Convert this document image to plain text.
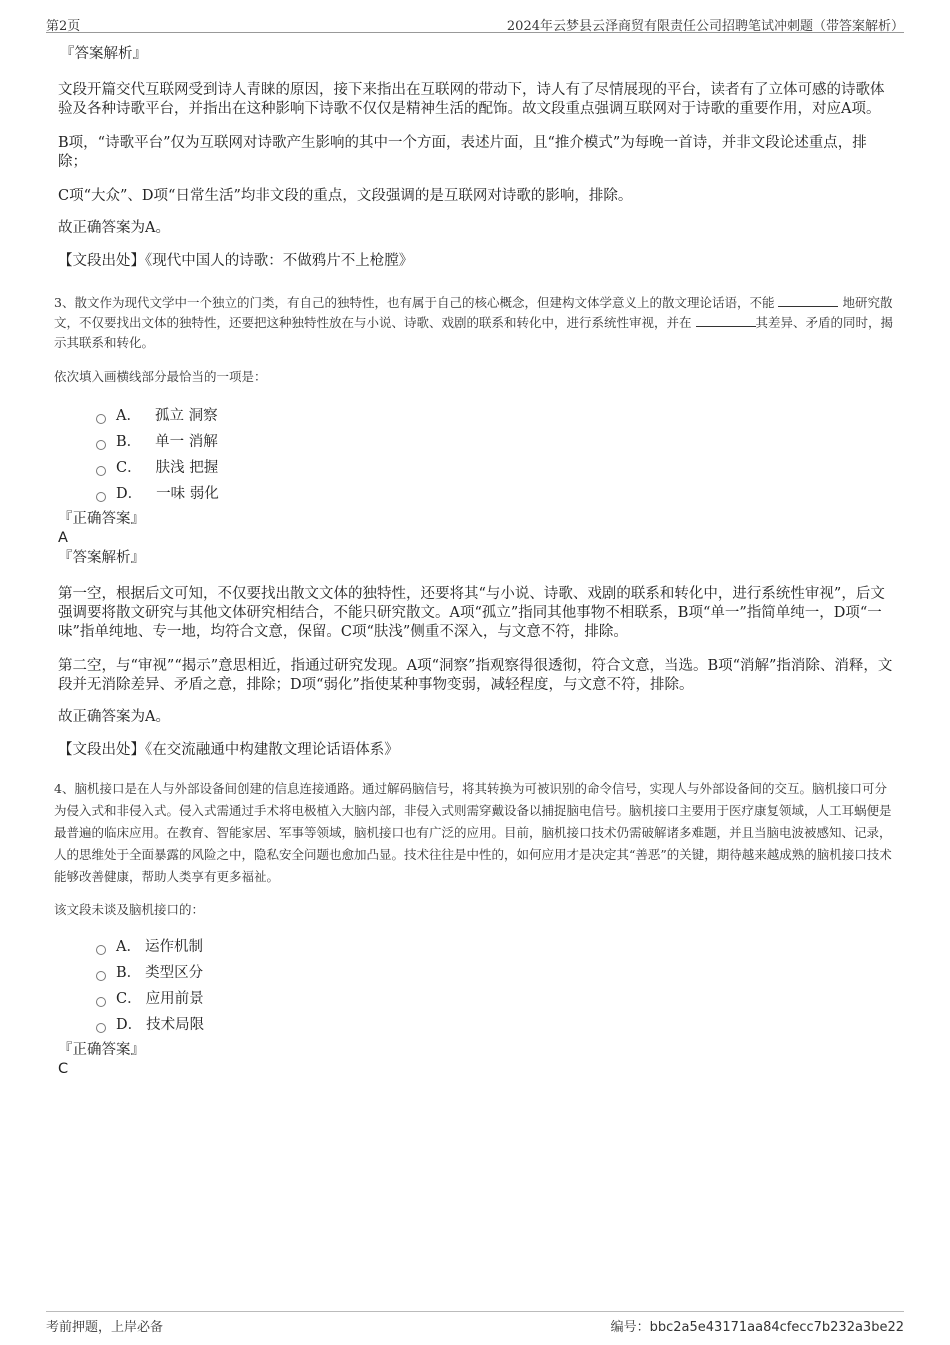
第2页	2024年云梦县云泽商贸有限责任公司招聘笔试冲刺题（带答案解析）
『答案解析』
文段开篇交代互联网受到诗人青睐的原因，接下来指出在互联网的带动下，诗人有了尽情展现的平台，读者有了立体可感的诗歌体验及各种诗歌平台，并指出在这种影响下诗歌不仅仅是精神生活的配饰。故文段重点强调互联网对于诗歌的重要作用，对应A项。
B项，“诗歌平台”仅为互联网对诗歌产生影响的其中一个方面，表述片面，且“推介模式”为每晚一首诗，并非文段论述重点，排除；
C项“大众”、D项“日常生活”均非文段的重点，文段强调的是互联网对诗歌的影响，排除。
故正确答案为A。
【文段出处】《现代中国人的诗歌：不做鸦片不上枪膛》
3、散文作为现代文学中一个独立的门类，有自己的独特性，也有属于自己的核心概念，但建构文体学意义上的散文理论话语，不能	地研究散文，不仅要找出文体的独特性，还要把这种独特性放在与小说、诗歌、戏剧的联系和转化中，进行系统性审视，并在	其差异、矛盾的同时，揭示其联系和转化。
依次填入画横线部分最恰当的一项是：
A． 孤立 洞察
B． 单一 消解
C． 肤浅 把握
D． 一味 弱化
『正确答案』
A
『答案解析』
第一空，根据后文可知，不仅要找出散文文体的独特性，还要将其“与小说、诗歌、戏剧的联系和转化中，进行系统性审视”，后文强调要将散文研究与其他文体研究相结合，不能只研究散文。A项“孤立”指同其他事物不相联系，B项“单一”指简单纯一，D项“一味”指单纯地、专一地，均符合文意，保留。C项“肤浅”侧重不深入，与文意不符，排除。
第二空，与“审视”“揭示”意思相近，指通过研究发现。A项“洞察”指观察得很透彻，符合文意，当选。B项“消解”指消除、消释，文段并无消除差异、矛盾之意，排除；D项“弱化”指使某种事物变弱，减轻程度，与文意不符，排除。
故正确答案为A。
【文段出处】《在交流融通中构建散文理论话语体系》
4、脑机接口是在人与外部设备间创建的信息连接通路。通过解码脑信号，将其转换为可被识别的命令信号，实现人与外部设备间的交互。脑机接口可分为侵入式和非侵入式。侵入式需通过手术将电极植入大脑内部，非侵入式则需穿戴设备以捕捉脑电信号。脑机接口主要用于医疗康复领域，人工耳蜗便是最普遍的临床应用。在教育、智能家居、军事等领域，脑机接口也有广泛的应用。目前，脑机接口技术仍需破解诸多难题，并且当脑电波被感知、记录，人的思维处于全面暴露的风险之中，隐私安全问题也愈加凸显。技术往往是中性的，如何应用才是决定其“善恶”的关键，期待越来越成熟的脑机接口技术能够改善健康，帮助人类享有更多福祉。
该文段未谈及脑机接口的：
A． 运作机制
B． 类型区分
C． 应用前景
D． 技术局限
『正确答案』
C
考前押题，上岸必备	编号：bbc2a5e43171aa84cfecc7b232a3be22
